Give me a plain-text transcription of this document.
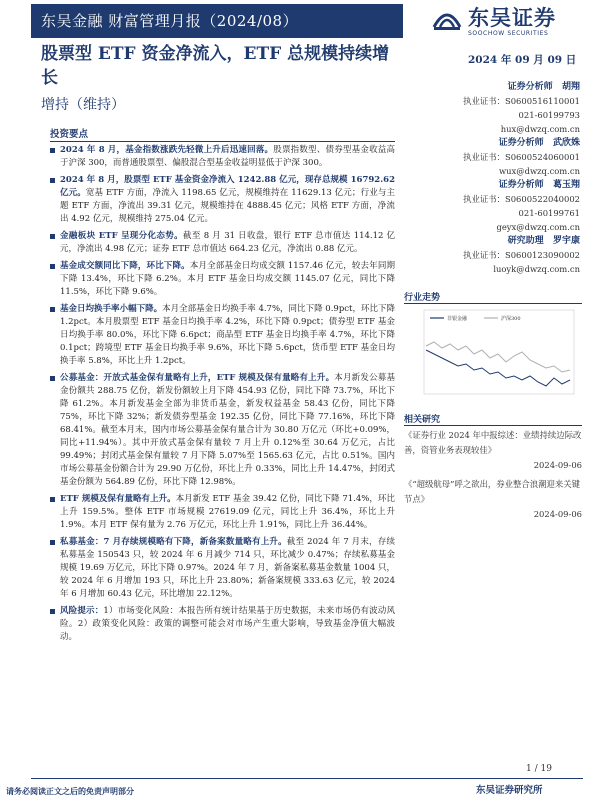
东吴金融 财富管理月报（2024/08）	东吴证券
SOOCHOW SECURITIES
股票型 ETF 资金净流入，ETF 总规模持续增长
增持（维持）
2024 年 09 月 09 日
证券分析师 胡翔
执业证书：S0600516110001
021-60199793
hux@dwzq.com.cn
证券分析师 武欣姝
执业证书：S0600524060001
wux@dwzq.com.cn
证券分析师 葛玉翔
执业证书：S0600522040002
021-60199761
geyx@dwzq.com.cn
研究助理 罗宇康
执业证书：S0600123090002
luoyk@dwzq.com.cn
行业走势
非银金融	沪深300
相关研究
《证券行业 2024 年中报综述：业绩持续边际改善，资管业务表现较佳》
2024-09-06
《“超级航母”呼之欲出，券业整合浪潮迎来关键节点》
2024-09-06
投资要点
2024 年 8 月，基金指数涨跌先轻微上升后迅速回落。股票指数型、债券型基金收益高于沪深 300，而普通股票型、偏股混合型基金收益明显低于沪深 300。
2024 年 8 月，股票型 ETF 基金资金净流入 1242.88 亿元，现存总规模 16792.62 亿元。宽基 ETF 方面，净流入 1198.65 亿元，规模维持在 11629.13 亿元；行业与主题 ETF 方面，净流出 39.31 亿元，规模维持在 4888.45 亿元；风格 ETF 方面，净流出 4.92 亿元，规模维持 275.04 亿元。
金融板块 ETF 呈现分化态势。截至 8 月 31 日收盘，银行 ETF 总市值达 114.12 亿元，净流出 4.98 亿元；证券 ETF 总市值达 664.23 亿元，净流出 0.88 亿元。
基金成交额同比下降，环比下降。本月全部基金日均成交额 1157.46 亿元，较去年同期下降 13.4%，环比下降 6.2%。本月 ETF 基金日均成交额 1145.07 亿元，同比下降 11.5%，环比下降 9.6%。
基金日均换手率小幅下降。本月全部基金日均换手率 4.7%，同比下降 0.9pct，环比下降 1.2pct。本月股票型 ETF 基金日均换手率 4.2%，环比下降 0.9pct；债券型 ETF 基金日均换手率 80.0%，环比下降 6.6pct；商品型 ETF 基金日均换手率 4.7%，环比下降 0.1pct；跨境型 ETF 基金日均换手率 9.6%，环比下降 5.6pct，货币型 ETF 基金日均换手率 5.8%，环比上升 1.2pct。
公募基金：开放式基金保有量略有上升，ETF 规模及保有量略有上升。本月新发公募基金份额共 288.75 亿份，新发份额较上月下降 454.93 亿份，同比下降 73.7%，环比下降 61.2%。本月新发基金全部为非货币基金，新发权益基金 58.43 亿份，同比下降 75%，环比下降 32%；新发债券型基金 192.35 亿份，同比下降 77.16%，环比下降 68.41%。截至本月末，国内市场公募基金保有量合计为 30.80 万亿元（环比+0.09%，同比+11.94%）。其中开放式基金保有量较 7 月上升 0.12%至 30.64 万亿元，占比 99.49%；封闭式基金保有量较 7 月下降 5.07%至 1565.63 亿元，占比 0.51%。国内市场公募基金份额合计为 29.90 万亿份，环比上升 0.33%，同比上升 14.47%，封闭式基金份额为 564.89 亿份，环比下降 12.98%。
ETF 规模及保有量略有上升。本月新发 ETF 基金 39.42 亿份，同比下降 71.4%，环比上升 159.5%。整体 ETF 市场规模 27619.09 亿元，同比上升 36.4%，环比上升 1.9%。本月 ETF 保有量为 2.76 万亿元，环比上升 1.91%，同比上升 36.44%。
私募基金：7 月存续规模略有下降，新备案数量略有上升。截至 2024 年 7 月末，存续私募基金 150543 只，较 2024 年 6 月减少 714 只，环比减少 0.47%；存续私募基金规模 19.69 万亿元，环比下降 0.97%。2024 年 7 月，新备案私募基金数量 1004 只，较 2024 年 6 月增加 193 只，环比上升 23.80%；新备案规模 333.63 亿元，较 2024 年 6 月增加 60.43 亿元，环比增加 22.12%。
风险提示：1）市场变化风险：本报告所有统计结果基于历史数据，未来市场仍有波动风险。2）政策变化风险：政策的调整可能会对市场产生重大影响，导致基金净值大幅波动。
1 / 19
请务必阅读正文之后的免责声明部分	东吴证券研究所
